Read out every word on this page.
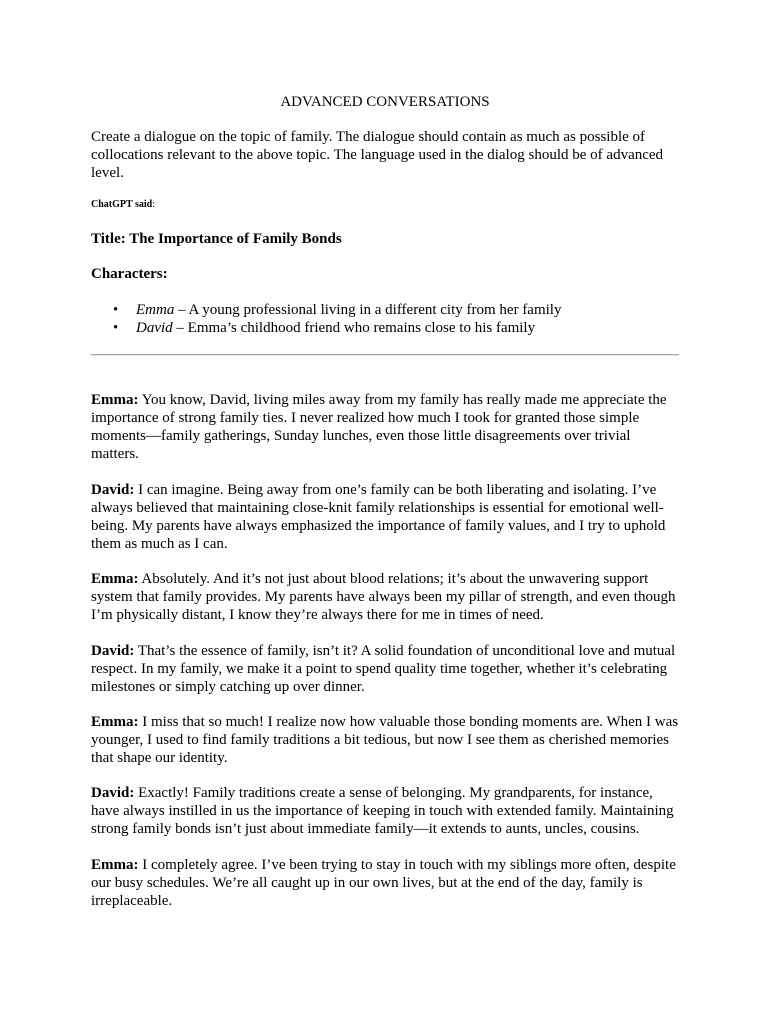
ADVANCED CONVERSATIONS

Create a dialogue on the topic of family. The dialogue should contain as much as possible of collocations relevant to the above topic. The language used in the dialog should be of advanced level.

ChatGPT said:

Title: The Importance of Family Bonds

Characters:

• Emma – A young professional living in a different city from her family
• David – Emma’s childhood friend who remains close to his family

Emma: You know, David, living miles away from my family has really made me appreciate the importance of strong family ties. I never realized how much I took for granted those simple moments—family gatherings, Sunday lunches, even those little disagreements over trivial matters.

David: I can imagine. Being away from one’s family can be both liberating and isolating. I’ve always believed that maintaining close-knit family relationships is essential for emotional well-being. My parents have always emphasized the importance of family values, and I try to uphold them as much as I can.

Emma: Absolutely. And it’s not just about blood relations; it’s about the unwavering support system that family provides. My parents have always been my pillar of strength, and even though I’m physically distant, I know they’re always there for me in times of need.

David: That’s the essence of family, isn’t it? A solid foundation of unconditional love and mutual respect. In my family, we make it a point to spend quality time together, whether it’s celebrating milestones or simply catching up over dinner.

Emma: I miss that so much! I realize now how valuable those bonding moments are. When I was younger, I used to find family traditions a bit tedious, but now I see them as cherished memories that shape our identity.

David: Exactly! Family traditions create a sense of belonging. My grandparents, for instance, have always instilled in us the importance of keeping in touch with extended family. Maintaining strong family bonds isn’t just about immediate family—it extends to aunts, uncles, cousins.

Emma: I completely agree. I’ve been trying to stay in touch with my siblings more often, despite our busy schedules. We’re all caught up in our own lives, but at the end of the day, family is irreplaceable.
